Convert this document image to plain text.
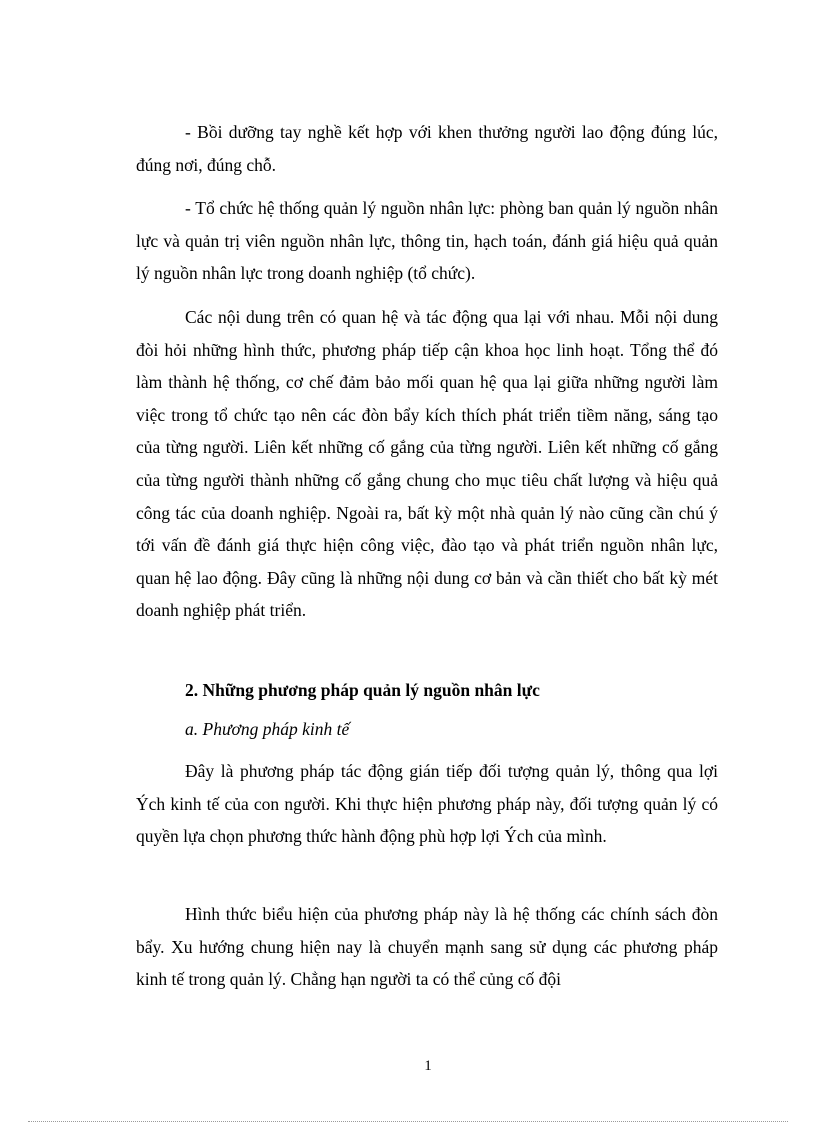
- Bồi dưỡng tay nghề kết hợp với khen thưởng người lao động đúng lúc, đúng nơi, đúng chỗ.

- Tổ chức hệ thống quản lý nguồn nhân lực: phòng ban quản lý nguồn nhân lực và quản trị viên nguồn nhân lực, thông tin, hạch toán, đánh giá hiệu quả quản lý nguồn nhân lực trong doanh nghiệp (tổ chức).

Các nội dung trên có quan hệ và tác động qua lại với nhau. Mỗi nội dung đòi hỏi những hình thức, phương pháp tiếp cận khoa học linh hoạt. Tổng thể đó làm thành hệ thống, cơ chế đảm bảo mối quan hệ qua lại giữa những người làm việc trong tổ chức tạo nên các đòn bẩy kích thích phát triển tiềm năng, sáng tạo của từng người. Liên kết những cố gắng của từng người. Liên kết những cố gắng của từng người thành những cố gắng chung cho mục tiêu chất lượng và hiệu quả công tác của doanh nghiệp. Ngoài ra, bất kỳ một nhà quản lý nào cũng cần chú ý tới vấn đề đánh giá thực hiện công việc, đào tạo và phát triển nguồn nhân lực, quan hệ lao động. Đây cũng là những nội dung cơ bản và cần thiết cho bất kỳ mét doanh nghiệp phát triển.

2. Những phương pháp quản lý nguồn nhân lực

a. Phương pháp kinh tế

Đây là phương pháp tác động gián tiếp đối tượng quản lý, thông qua lợi Ých kinh tế của con người. Khi thực hiện phương pháp này, đối tượng quản lý có quyền lựa chọn phương thức hành động phù hợp lợi Ých của mình.

Hình thức biểu hiện của phương pháp này là hệ thống các chính sách đòn bẩy. Xu hướng chung hiện nay là chuyển mạnh sang sử dụng các phương pháp kinh tế trong quản lý. Chẳng hạn người ta có thể củng cố đội

1
